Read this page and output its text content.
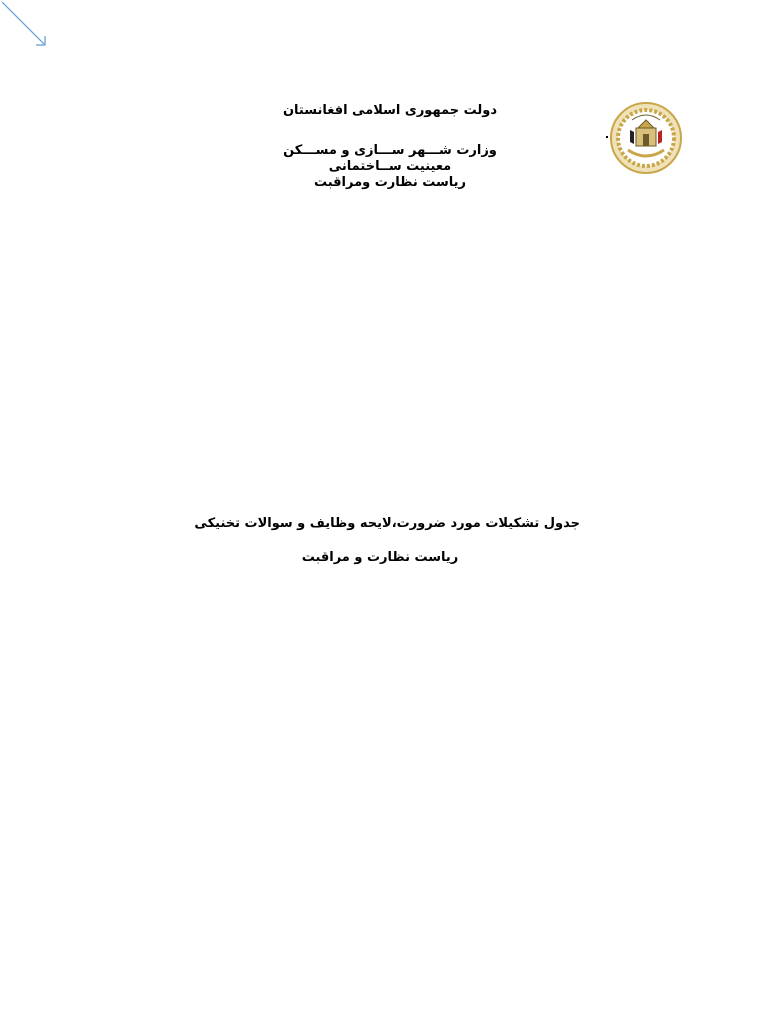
دولت جمهوری اسلامی افغانستان
وزارت شـــهر ســـازی و مســـکن
معینیت ســاختمانی
ریاست نظارت ومراقبت
جدول تشکیلات مورد ضرورت،لایحه وظایف و سوالات تخنیکی
ریاست نظارت و مراقبت
